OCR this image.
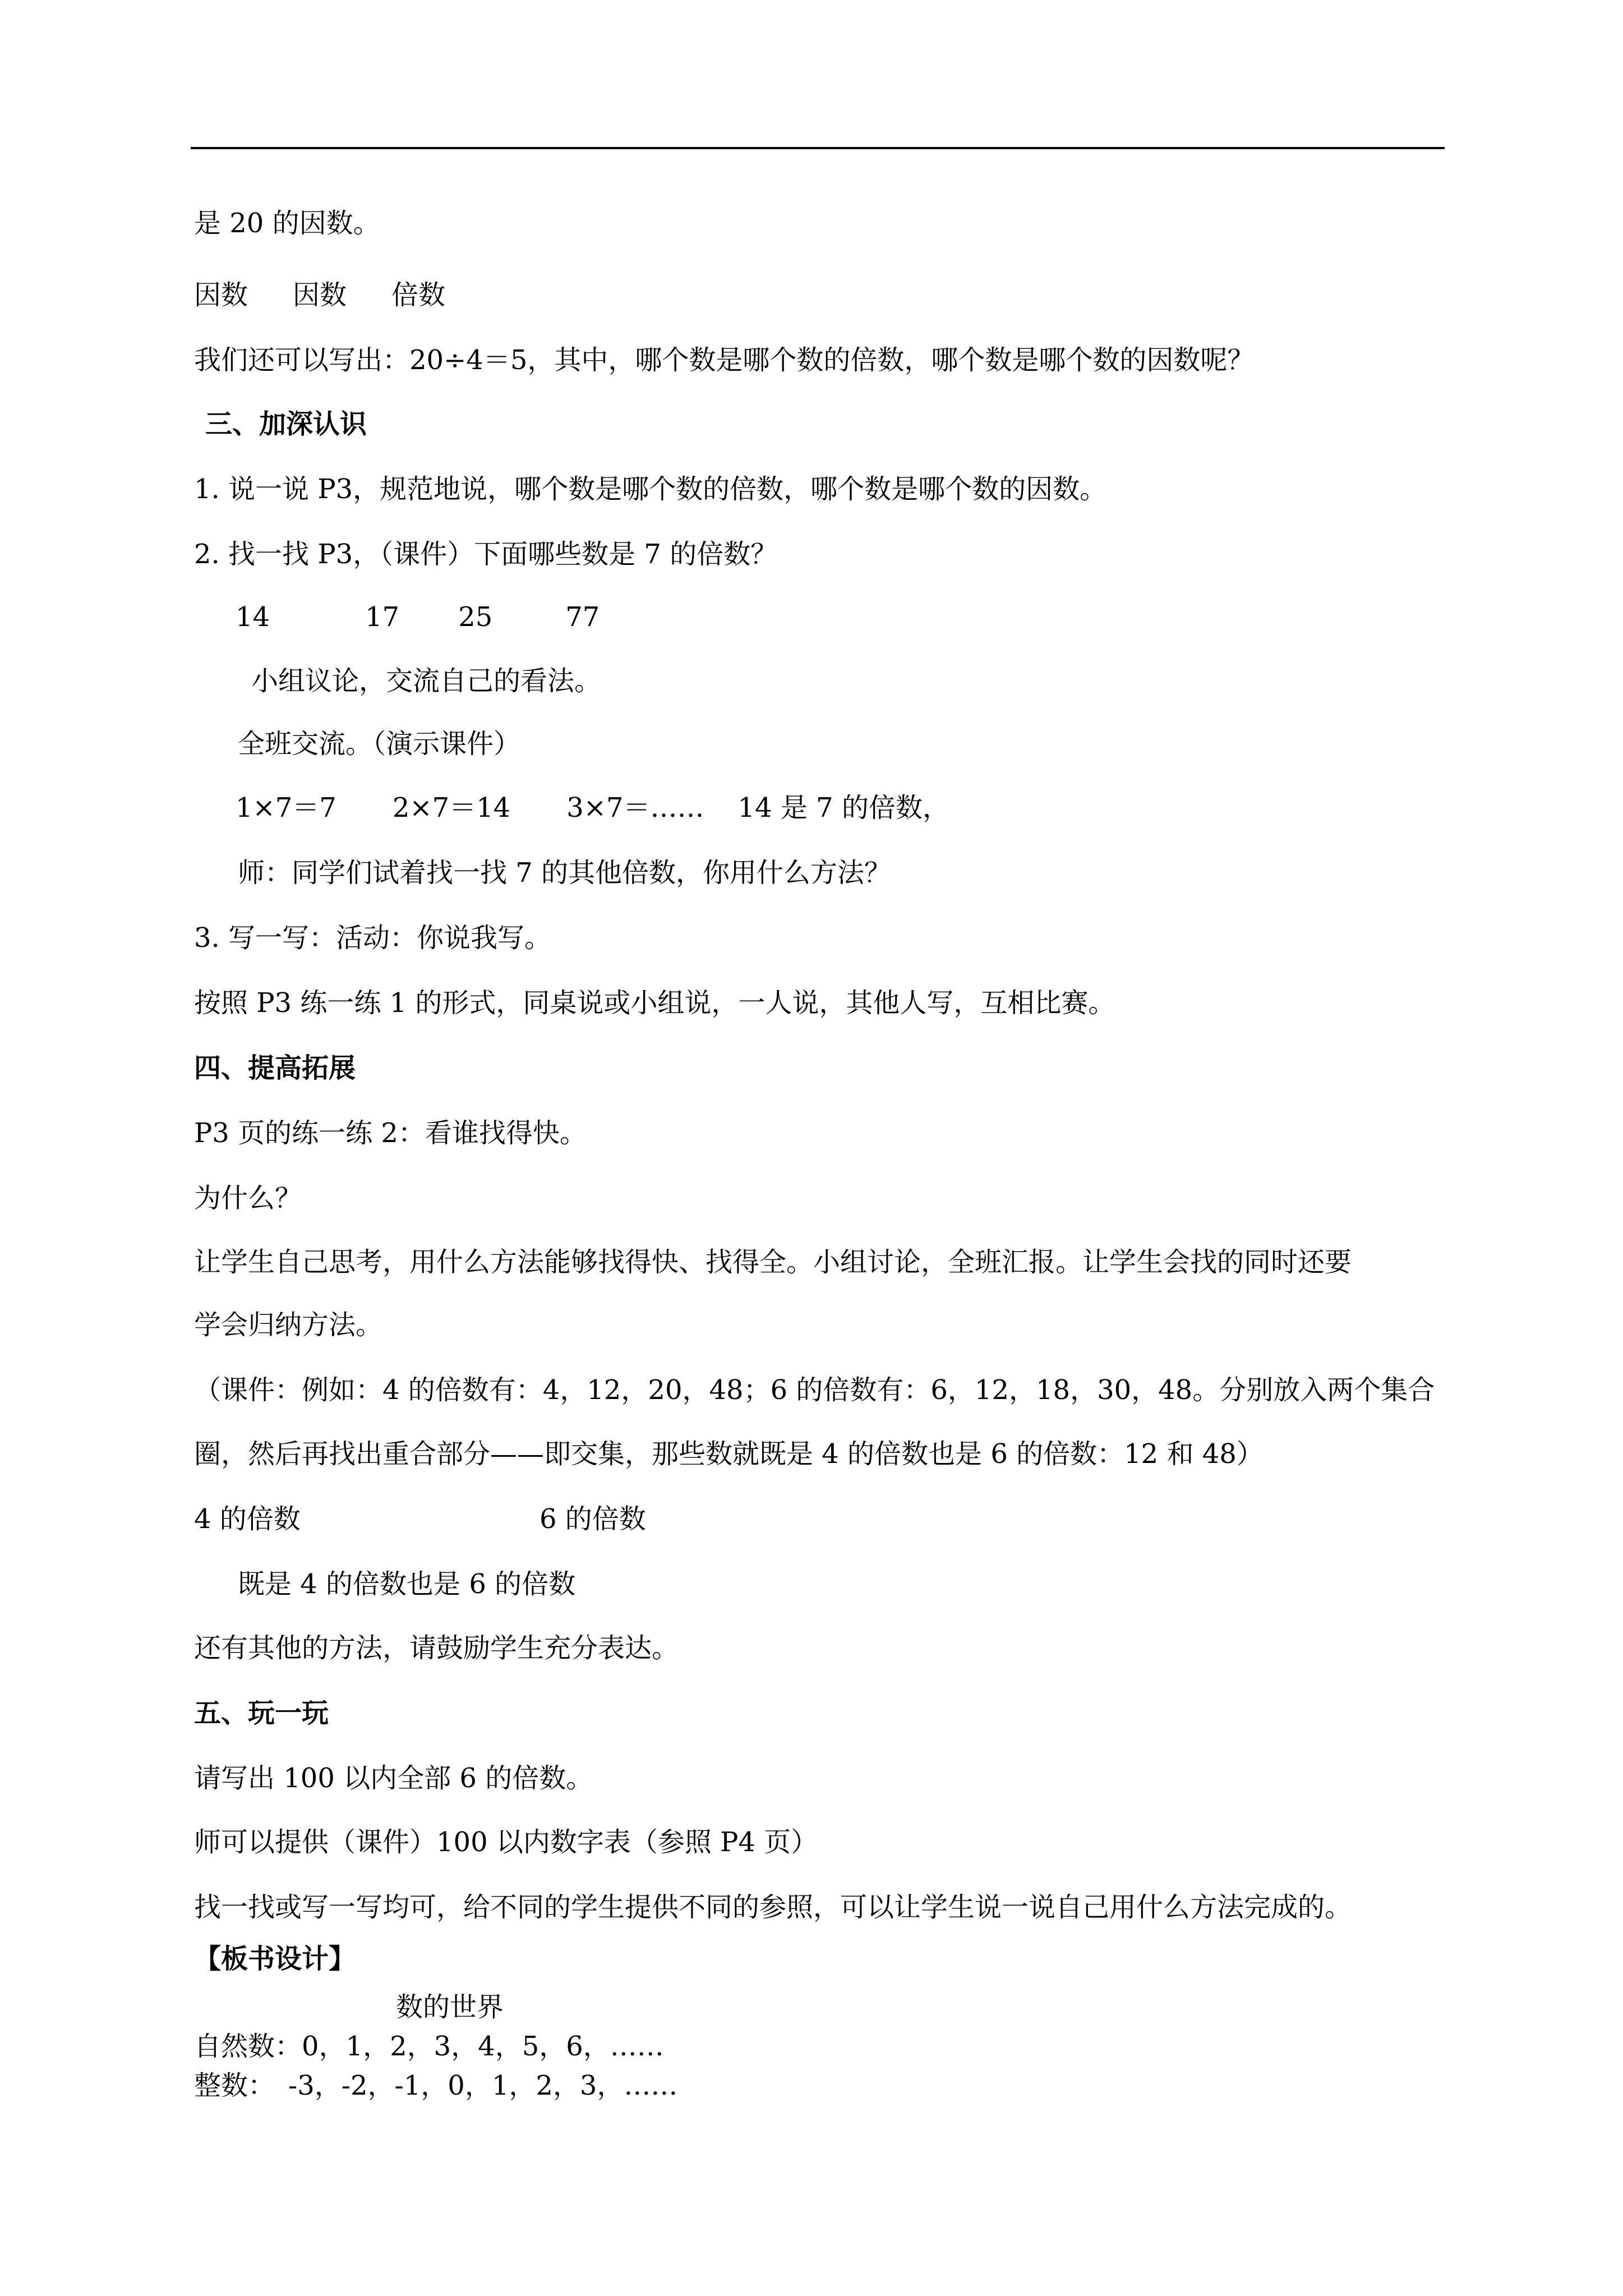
是 20 的因数。
因数 因数 倍数
我们还可以写出：20÷4＝5，其中，哪个数是哪个数的倍数，哪个数是哪个数的因数呢？
三、加深认识
1. 说一说 P3，规范地说，哪个数是哪个数的倍数，哪个数是哪个数的因数。
2. 找一找 P3，（课件）下面哪些数是 7 的倍数？
14	17 25	77
小组议论，交流自己的看法。
全班交流。（演示课件）
1×7＝7 2×7＝14 3×7＝…… 14 是 7 的倍数，
师：同学们试着找一找 7 的其他倍数，你用什么方法？
3. 写一写：活动：你说我写。
按照 P3 练一练 1 的形式，同桌说或小组说，一人说，其他人写，互相比赛。
四、提高拓展
P3 页的练一练 2：看谁找得快。
为什么？
让学生自己思考，用什么方法能够找得快、找得全。小组讨论，全班汇报。让学生会找的同时还要
学会归纳方法。
（课件：例如：4 的倍数有：4，12，20，48；6 的倍数有：6，12，18，30，48。分别放入两个集合
圈，然后再找出重合部分——即交集，那些数就既是 4 的倍数也是 6 的倍数：12 和 48）
4 的倍数	6 的倍数
既是 4 的倍数也是 6 的倍数
还有其他的方法，请鼓励学生充分表达。
五、玩一玩
请写出 100 以内全部 6 的倍数。
师可以提供（课件）100 以内数字表（参照 P4 页）
找一找或写一写均可，给不同的学生提供不同的参照，可以让学生说一说自己用什么方法完成的。
【板书设计】
数的世界
自然数：0，1，2，3，4，5，6，……
整数：　-3，-2，-1，0，1，2，3，……
